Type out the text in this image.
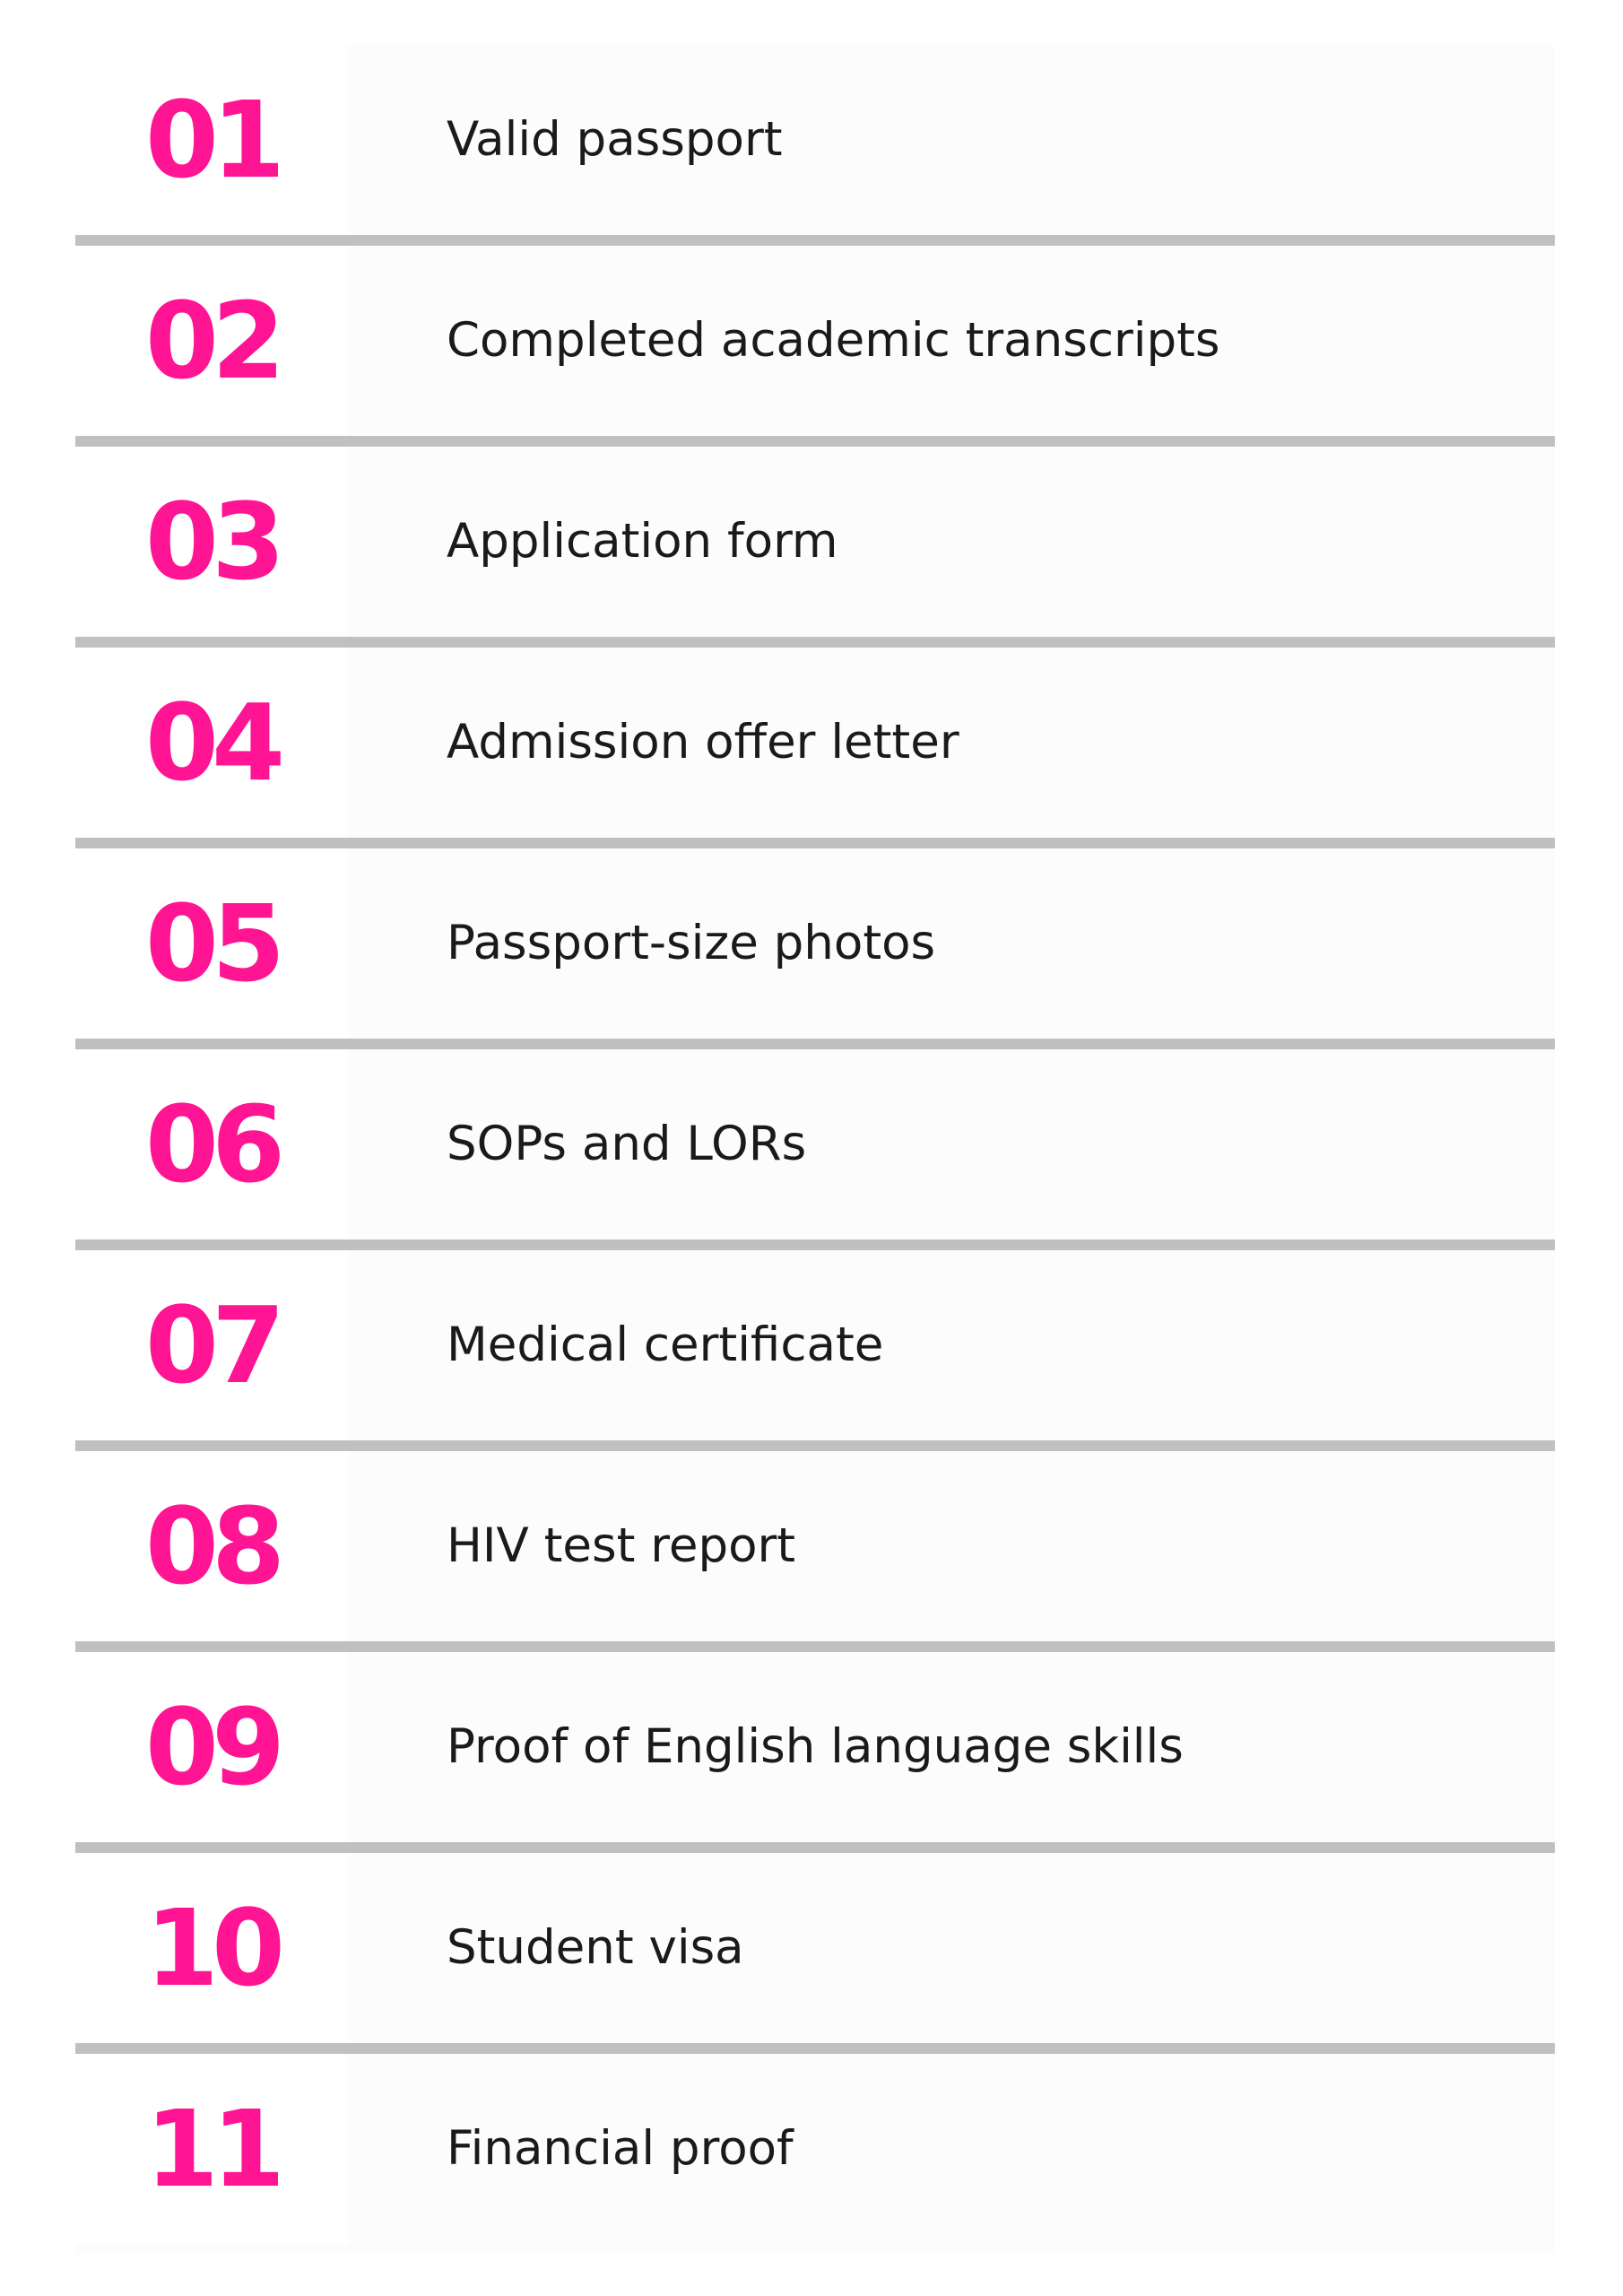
01	Valid passport
02	Completed academic transcripts
03	Application form
04	Admission offer letter
05	Passport-size photos
06	SOPs and LORs
07	Medical certificate
08	HIV test report
09	Proof of English language skills
10	Student visa
11	Financial proof
